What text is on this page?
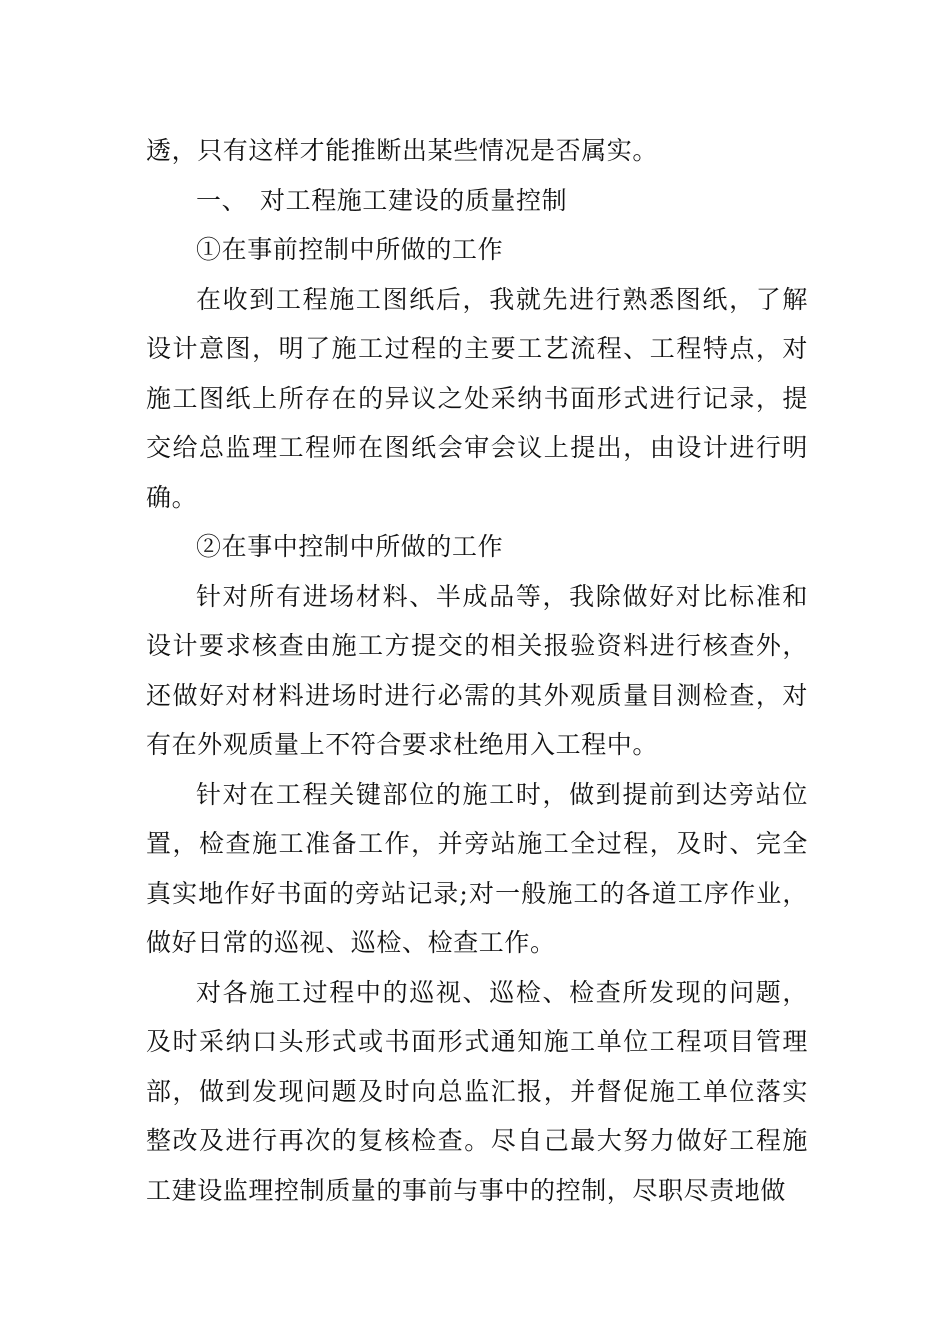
透，只有这样才能推断出某些情况是否属实。

一、 对工程施工建设的质量控制

①在事前控制中所做的工作

在收到工程施工图纸后，我就先进行熟悉图纸，了解设计意图，明了施工过程的主要工艺流程、工程特点，对施工图纸上所存在的异议之处采纳书面形式进行记录，提交给总监理工程师在图纸会审会议上提出，由设计进行明确。

②在事中控制中所做的工作

针对所有进场材料、半成品等，我除做好对比标准和设计要求核查由施工方提交的相关报验资料进行核查外，还做好对材料进场时进行必需的其外观质量目测检查，对有在外观质量上不符合要求杜绝用入工程中。

针对在工程关键部位的施工时，做到提前到达旁站位置，检查施工准备工作，并旁站施工全过程，及时、完全真实地作好书面的旁站记录;对一般施工的各道工序作业，做好日常的巡视、巡检、检查工作。

对各施工过程中的巡视、巡检、检查所发现的问题，及时采纳口头形式或书面形式通知施工单位工程项目管理部，做到发现问题及时向总监汇报，并督促施工单位落实整改及进行再次的复核检查。尽自己最大努力做好工程施工建设监理控制质量的事前与事中的控制，尽职尽责地做
